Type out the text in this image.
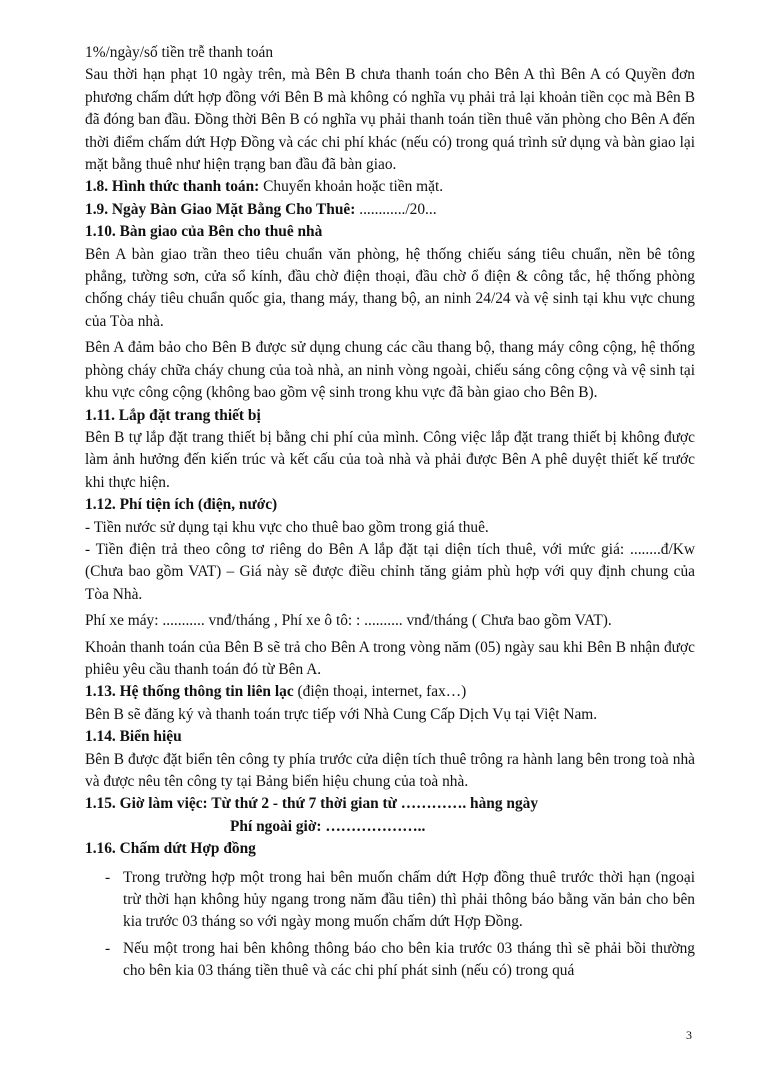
1%/ngày/số tiền trễ thanh toán

Sau thời hạn phạt 10 ngày trên, mà Bên B chưa thanh toán cho Bên A thì Bên A có Quyền đơn phương chấm dứt hợp đồng với Bên B mà không có nghĩa vụ phải trả lại khoản tiền cọc mà Bên B đã đóng ban đầu. Đồng thời Bên B có nghĩa vụ phải thanh toán tiền thuê văn phòng cho Bên A đến thời điểm chấm dứt Hợp Đồng và các chi phí khác (nếu có) trong quá trình sử dụng và bàn giao lại mặt bằng thuê như hiện trạng ban đầu đã bàn giao.

1.8. Hình thức thanh toán: Chuyển khoản hoặc tiền mặt.

1.9. Ngày Bàn Giao Mặt Bằng Cho Thuê: ............/20...

1.10. Bàn giao của Bên cho thuê nhà

Bên A bàn giao trần theo tiêu chuẩn văn phòng, hệ thống chiếu sáng tiêu chuẩn, nền bê tông phẳng, tường sơn, cửa sổ kính, đầu chờ điện thoại, đầu chờ ổ điện & công tắc, hệ thống phòng chống cháy tiêu chuẩn quốc gia, thang máy, thang bộ, an ninh 24/24 và vệ sinh tại khu vực chung của Tòa nhà.

Bên A đảm bảo cho Bên B được sử dụng chung các cầu thang bộ, thang máy công cộng, hệ thống phòng cháy chữa cháy chung của toà nhà, an ninh vòng ngoài, chiếu sáng công cộng và vệ sinh tại khu vực công cộng (không bao gồm vệ sinh trong khu vực đã bàn giao cho Bên B).

1.11. Lắp đặt trang thiết bị

Bên B tự lắp đặt trang thiết bị bằng chi phí của mình. Công việc lắp đặt trang thiết bị không được làm ảnh hưởng đến kiến trúc và kết cấu của toà nhà và phải được Bên A phê duyệt thiết kế trước khi thực hiện.

1.12. Phí tiện ích (điện, nước)

- Tiền nước sử dụng tại khu vực cho thuê bao gồm trong giá thuê.

- Tiền điện trả theo công tơ riêng do Bên A lắp đặt tại diện tích thuê, với mức giá: ........đ/Kw (Chưa bao gồm VAT) – Giá này sẽ được điều chỉnh tăng giảm phù hợp với quy định chung của Tòa Nhà.

Phí xe máy: ........... vnđ/tháng , Phí xe ô tô: : .......... vnđ/tháng ( Chưa bao gồm VAT).

Khoản thanh toán của Bên B sẽ trả cho Bên A trong vòng năm (05) ngày sau khi Bên B nhận được phiêu yêu cầu thanh toán đó từ Bên A.

1.13. Hệ thống thông tin liên lạc (điện thoại, internet, fax…)

Bên B sẽ đăng ký và thanh toán trực tiếp với Nhà Cung Cấp Dịch Vụ tại Việt Nam.

1.14. Biển hiệu

Bên B được đặt biển tên công ty phía trước cửa diện tích thuê trông ra hành lang bên trong toà nhà và được nêu tên công ty tại Bảng biển hiệu chung của toà nhà.

1.15. Giờ làm việc: Từ thứ 2 - thứ 7 thời gian từ …………. hàng ngày

Phí ngoài giờ: ………………..

1.16. Chấm dứt Hợp đồng

- Trong trường hợp một trong hai bên muốn chấm dứt Hợp đồng thuê trước thời hạn (ngoại trừ thời hạn không hủy ngang trong năm đầu tiên) thì phải thông báo bằng văn bản cho bên kia trước 03 tháng so với ngày mong muốn chấm dứt Hợp Đồng.
- Nếu một trong hai bên không thông báo cho bên kia trước 03 tháng thì sẽ phải bồi thường cho bên kia 03 tháng tiền thuê và các chi phí phát sinh (nếu có) trong quá
3
